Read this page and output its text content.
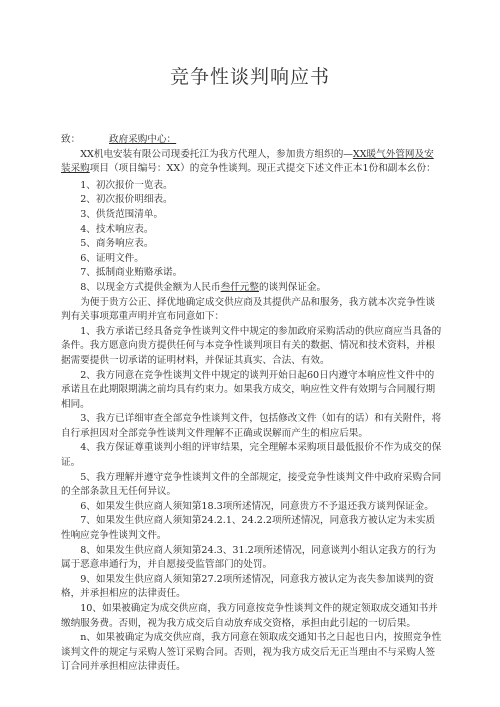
竞争性谈判响应书

致：	政府采购中心：

XX机电安装有限公司现委托江为我方代理人，参加贵方组织的—XX暖气外管网及安装采购项目（项目编号：XX）的竞争性谈判。现正式提交下述文件正本1份和副本幺份：

1、初次报价一览表。
2、初次报价明细表。
3、供货范围清单。
4、技术响应表。
5、商务响应表。
6、证明文件。
7、抵制商业贿赂承诺。
8、以现金方式提供金额为人民币叁仟元整的谈判保证金。

为便于贵方公正、择优地确定成交供应商及其提供产品和服务，我方就本次竞争性谈判有关事项郑重声明并宣布同意如下：

1、我方承诺已经具备竞争性谈判文件中规定的参加政府采购活动的供应商应当具备的条件。我方愿意向贵方提供任何与本竞争性谈判项目有关的数据、情况和技术资料，并根据需要提供一切承诺的证明材料，并保证其真实、合法、有效。

2、我方同意在竞争性谈判文件中规定的谈判开始日起60日内遵守本响应性文件中的承诺且在此期限期满之前均具有约束力。如果我方成交，响应性文件有效期与合同履行期相同。

3、我方已详细审查全部竞争性谈判文件，包括修改文件（如有的话）和有关附件，将自行承担因对全部竞争性谈判文件理解不正确或误解而产生的相应后果。

4、我方保证尊重谈判小组的评审结果，完全理解本采购项目最低报价不作为成交的保证。

5、我方理解并遵守竞争性谈判文件的全部规定，接受竞争性谈判文件中政府采购合同的全部条款且无任何异议。

6、如果发生供应商人须知第18.3项所述情况，同意贵方不予退还我方谈判保证金。

7、如果发生供应商人须知第24.2.1、24.2.2项所述情况，同意我方被认定为未实质性响应竞争性谈判文件。

8、如果发生供应商人须知第24.3、31.2项所述情况，同意谈判小组认定我方的行为属于恶意串通行为，并自愿接受监管部门的处罚。

9、如果发生供应商人须知第27.2项所述情况，同意我方被认定为丧失参加谈判的资格，并承担相应的法律责任。

10、如果被确定为成交供应商，我方同意按竞争性谈判文件的规定领取成交通知书并缴纳服务费。否则，视为我方成交后自动放弃成交资格，承担由此引起的一切后果。

n、如果被确定为成交供应商，我方同意在领取成交通知书之日起也日内，按照竞争性谈判文件的规定与采购人签订采购合同。否则，视为我方成交后无正当理由不与采购人签订合同并承担相应法律责任。
